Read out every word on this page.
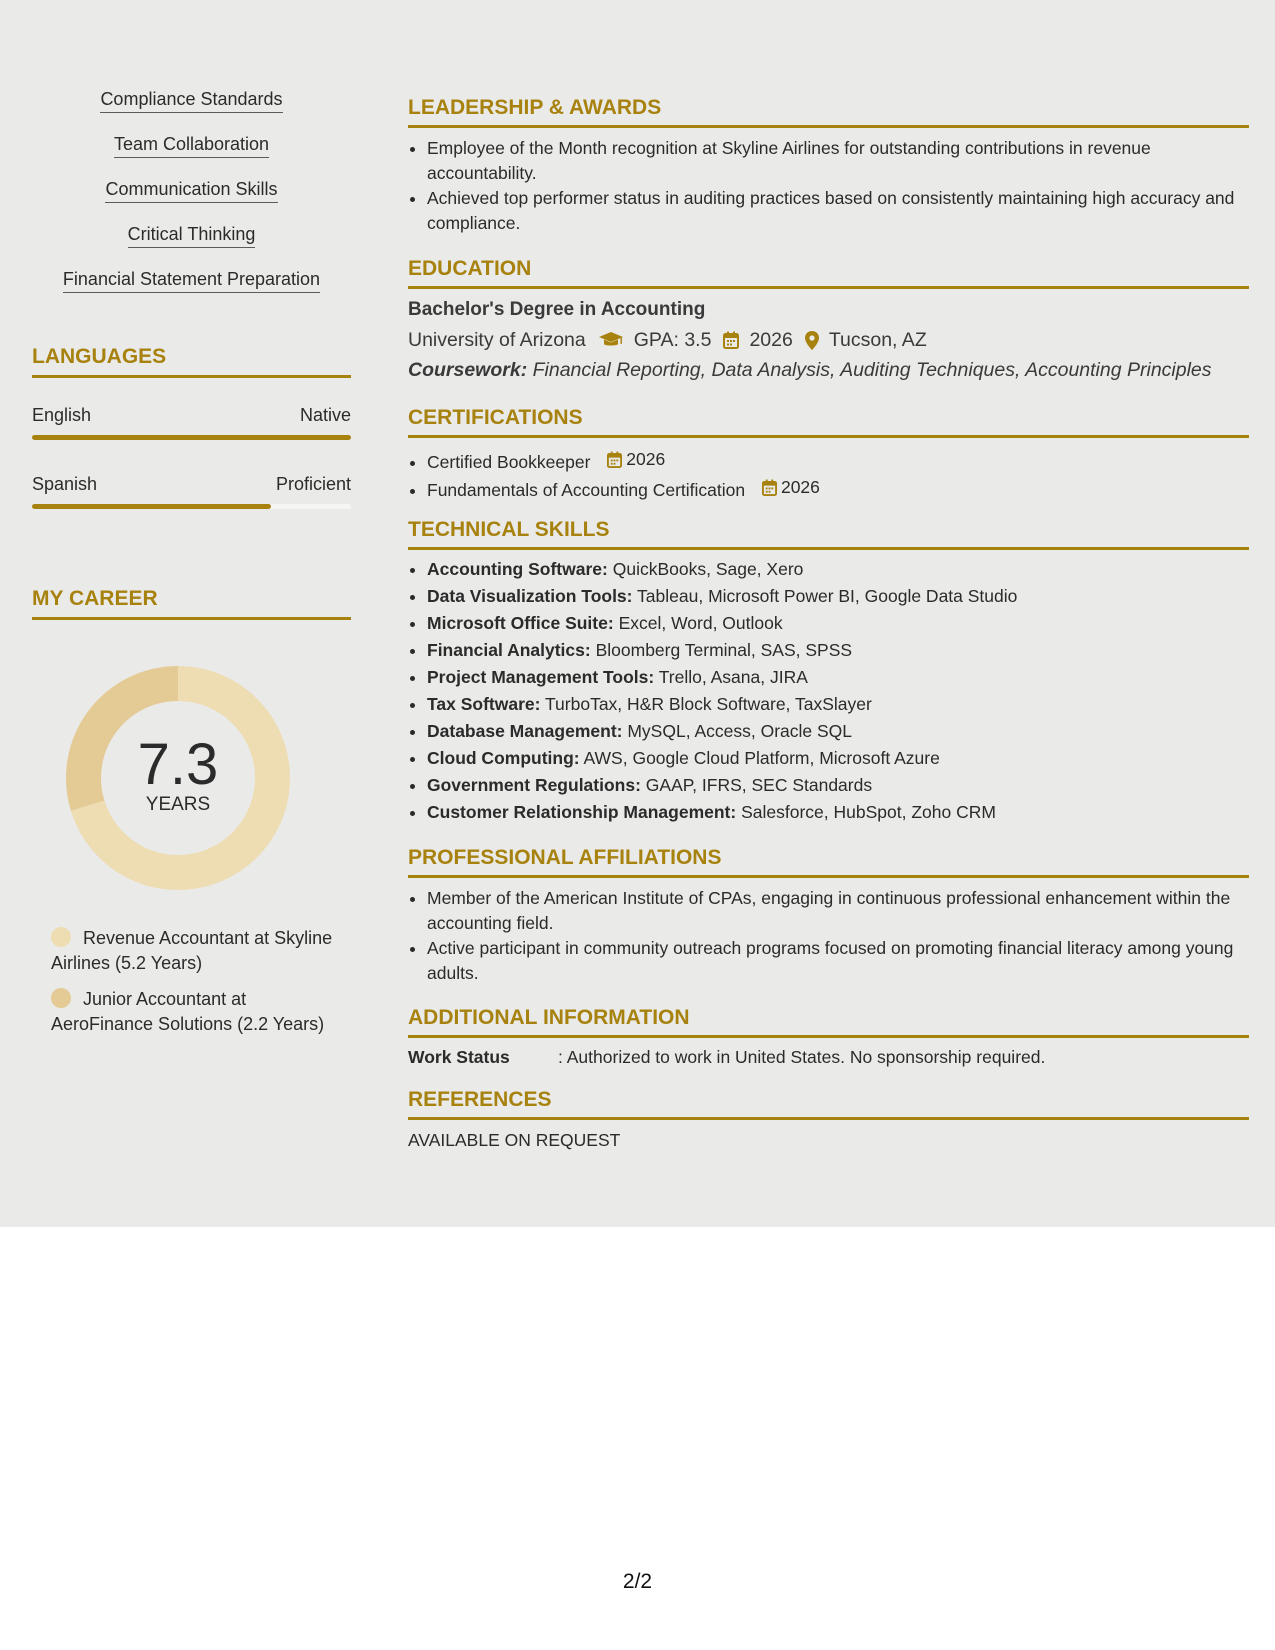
Compliance Standards
Team Collaboration
Communication Skills
Critical Thinking
Financial Statement Preparation
LANGUAGES
English	Native
Spanish	Proficient
MY CAREER
7.3
YEARS
Revenue Accountant at Skyline Airlines (5.2 Years)
Junior Accountant at AeroFinance Solutions (2.2 Years)
LEADERSHIP & AWARDS
• Employee of the Month recognition at Skyline Airlines for outstanding contributions in revenue accountability.
• Achieved top performer status in auditing practices based on consistently maintaining high accuracy and compliance.
EDUCATION
Bachelor's Degree in Accounting
University of Arizona GPA: 3.5 2026 Tucson, AZ
Coursework: Financial Reporting, Data Analysis, Auditing Techniques, Accounting Principles
CERTIFICATIONS
• Certified Bookkeeper 2026
• Fundamentals of Accounting Certification 2026
TECHNICAL SKILLS
• Accounting Software: QuickBooks, Sage, Xero
• Data Visualization Tools: Tableau, Microsoft Power BI, Google Data Studio
• Microsoft Office Suite: Excel, Word, Outlook
• Financial Analytics: Bloomberg Terminal, SAS, SPSS
• Project Management Tools: Trello, Asana, JIRA
• Tax Software: TurboTax, H&R Block Software, TaxSlayer
• Database Management: MySQL, Access, Oracle SQL
• Cloud Computing: AWS, Google Cloud Platform, Microsoft Azure
• Government Regulations: GAAP, IFRS, SEC Standards
• Customer Relationship Management: Salesforce, HubSpot, Zoho CRM
PROFESSIONAL AFFILIATIONS
• Member of the American Institute of CPAs, engaging in continuous professional enhancement within the accounting field.
• Active participant in community outreach programs focused on promoting financial literacy among young adults.
ADDITIONAL INFORMATION
Work Status	: Authorized to work in United States. No sponsorship required.
REFERENCES
AVAILABLE ON REQUEST
2/2
